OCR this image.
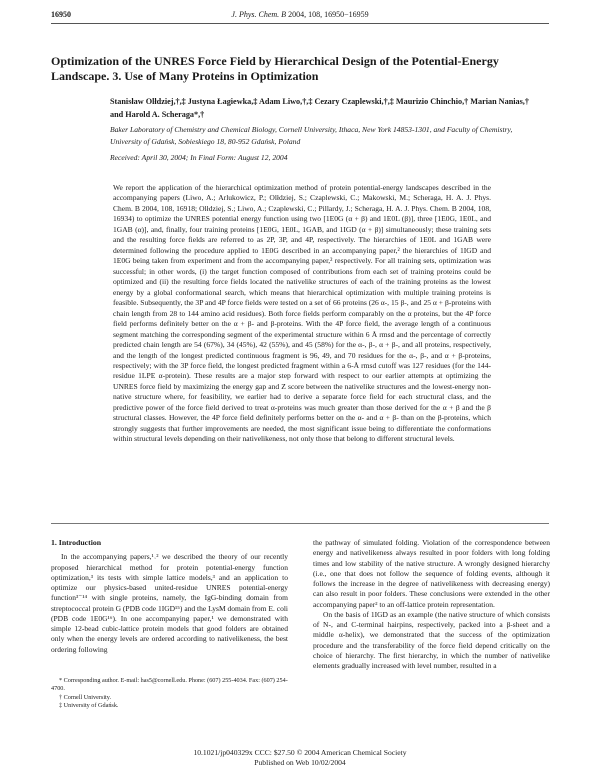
16950	J. Phys. Chem. B 2004, 108, 16950−16959
Optimization of the UNRES Force Field by Hierarchical Design of the Potential-Energy Landscape. 3. Use of Many Proteins in Optimization
Stanisław Olłdziej,†,‡ Justyna Łagiewka,‡ Adam Liwo,†,‡ Cezary Czaplewski,†,‡ Maurizio Chinchio,† Marian Nanias,† and Harold A. Scheraga*,†
Baker Laboratory of Chemistry and Chemical Biology, Cornell University, Ithaca, New York 14853-1301, and Faculty of Chemistry, University of Gdańsk, Sobieskiego 18, 80-952 Gdańsk, Poland
Received: April 30, 2004; In Final Form: August 12, 2004
We report the application of the hierarchical optimization method of protein potential-energy landscapes described in the accompanying papers (Liwo, A.; Arlukowicz, P.; Olłdziej, S.; Czaplewski, C.; Makowski, M.; Scheraga, H. A. J. Phys. Chem. B 2004, 108, 16918; Olłdziej, S.; Liwo, A.; Czaplewski, C.; Pillardy, J.; Scheraga, H. A. J. Phys. Chem. B 2004, 108, 16934) to optimize the UNRES potential energy function using two [1E0G (α + β) and 1E0L (β)], three [1E0G, 1E0L, and 1GAB (α)], and, finally, four training proteins [1E0G, 1E0L, 1GAB, and 1IGD (α + β)] simultaneously; these training sets and the resulting force fields are referred to as 2P, 3P, and 4P, respectively. The hierarchies of 1E0L and 1GAB were determined following the procedure applied to 1E0G described in an accompanying paper,² the hierarchies of 1IGD and 1E0G being taken from experiment and from the accompanying paper,² respectively. For all training sets, optimization was successful; in other words, (i) the target function composed of contributions from each set of training proteins could be optimized and (ii) the resulting force fields located the nativelike structures of each of the training proteins as the lowest energy by a global conformational search, which means that hierarchical optimization with multiple training proteins is feasible. Subsequently, the 3P and 4P force fields were tested on a set of 66 proteins (26 α-, 15 β-, and 25 α + β-proteins with chain length from 28 to 144 amino acid residues). Both force fields perform comparably on the α proteins, but the 4P force field performs definitely better on the α + β- and β-proteins. With the 4P force field, the average length of a continuous segment matching the corresponding segment of the experimental structure within 6 Å rmsd and the percentage of correctly predicted chain length are 54 (67%), 34 (45%), 42 (55%), and 45 (58%) for the α-, β-, α + β-, and all proteins, respectively, and the length of the longest predicted continuous fragment is 96, 49, and 70 residues for the α-, β-, and α + β-proteins, respectively; with the 3P force field, the longest predicted fragment within a 6-Å rmsd cutoff was 127 residues (for the 144-residue 1LPE α-protein). These results are a major step forward with respect to our earlier attempts at optimizing the UNRES force field by maximizing the energy gap and Z score between the nativelike structures and the lowest-energy non-native structure where, for feasibility, we earlier had to derive a separate force field for each structural class, and the predictive power of the force field derived to treat α-proteins was much greater than those derived for the α + β and the β structural classes. However, the 4P force field definitely performs better on the α- and α + β- than on the β-proteins, which strongly suggests that further improvements are needed, the most significant issue being to differentiate the conformations within structural levels depending on their nativelikeness, not only those that belong to different structural levels.
1. Introduction
In the accompanying papers,¹˒² we described the theory of our recently proposed hierarchical method for protein potential-energy function optimization,³ its tests with simple lattice models,³ and an application to optimize our physics-based united-residue UNRES potential-energy function³⁻¹⁴ with single proteins, namely, the IgG-binding domain from streptococcal protein G (PDB code 1IGD¹⁵) and the LysM domain from E. coli (PDB code 1E0G¹⁶). In one accompanying paper,¹ we demonstrated with simple 12-bead cubic-lattice protein models that good folders are obtained only when the energy levels are ordered according to nativelikeness, the best ordering following
the pathway of simulated folding. Violation of the correspondence between energy and nativelikeness always resulted in poor folders with long folding times and low stability of the native structure. A wrongly designed hierarchy (i.e., one that does not follow the sequence of folding events, although it follows the increase in the degree of nativelikeness with decreasing energy) can also result in poor folders. These conclusions were extended in the other accompanying paper² to an off-lattice protein representation.
On the basis of 1IGD as an example (the native structure of which consists of N-, and C-terminal hairpins, respectively, packed into a β-sheet and a middle α-helix), we demonstrated that the success of the optimization procedure and the transferability of the force field depend critically on the choice of hierarchy. The first hierarchy, in which the number of nativelike elements gradually increased with level number, resulted in a
* Corresponding author. E-mail: has5@cornell.edu. Phone: (607) 255-4034. Fax: (607) 254-4700.
† Cornell University.
‡ University of Gdańsk.
10.1021/jp040329x CCC: $27.50 © 2004 American Chemical Society
Published on Web 10/02/2004
